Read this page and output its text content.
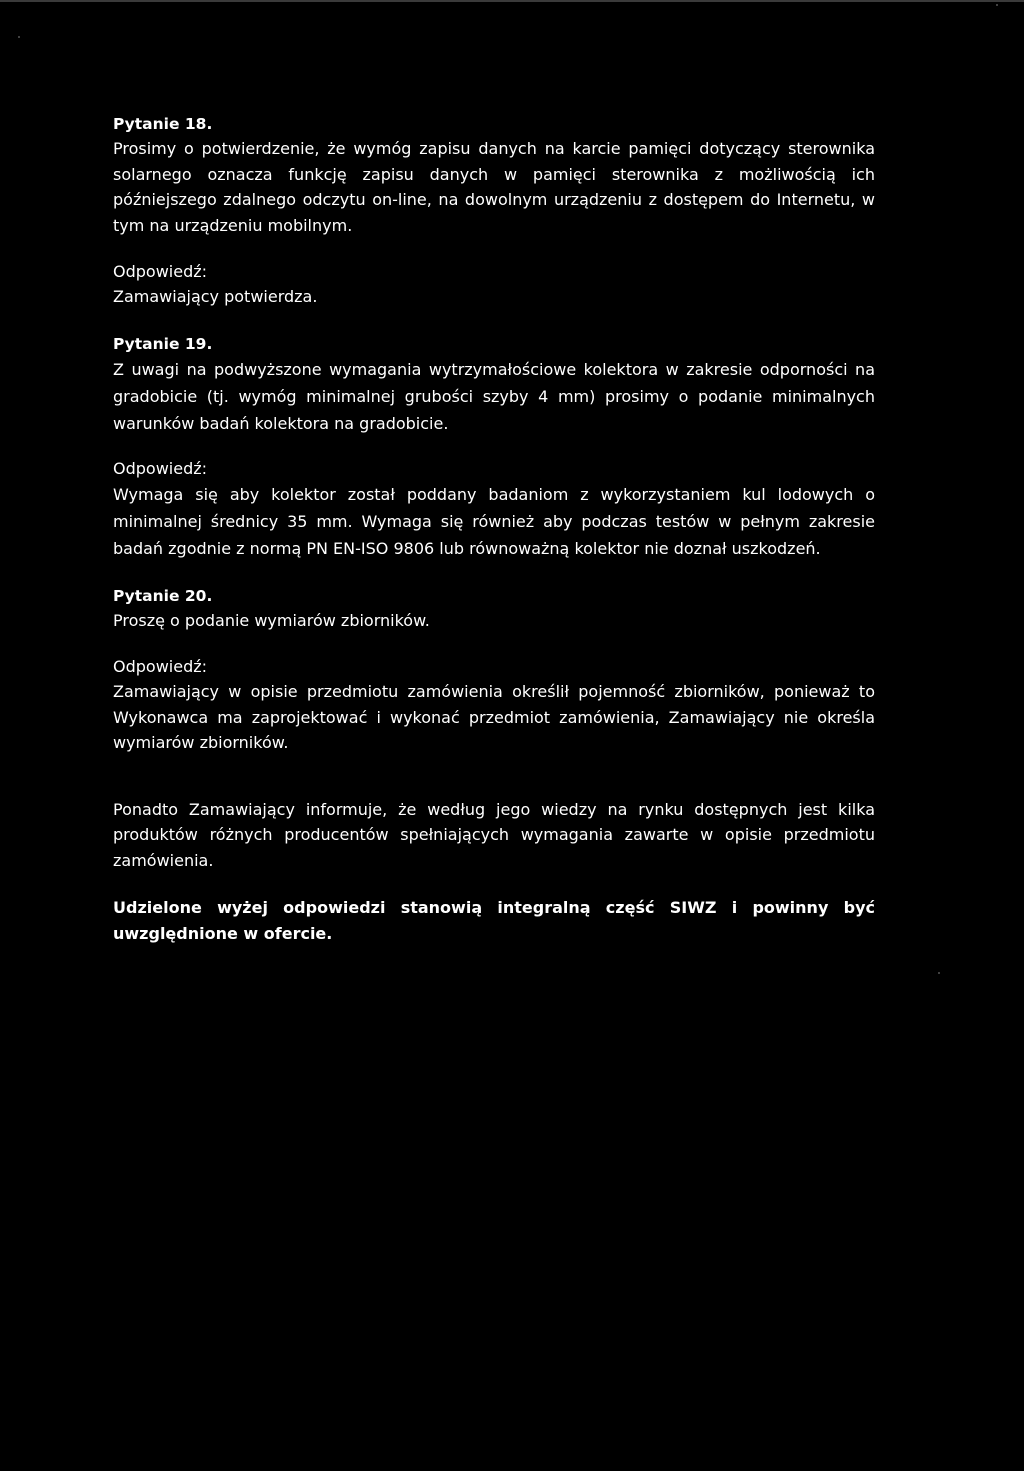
Pytanie 18.

Prosimy o potwierdzenie, że wymóg zapisu danych na karcie pamięci dotyczący sterownika solarnego oznacza funkcję zapisu danych w pamięci sterownika z możliwością ich późniejszego zdalnego odczytu on-line, na dowolnym urządzeniu z dostępem do Internetu, w tym na urządzeniu mobilnym.

Odpowiedź:

Zamawiający potwierdza.

Pytanie 19.

Z uwagi na podwyższone wymagania wytrzymałościowe kolektora w zakresie odporności na gradobicie (tj. wymóg minimalnej grubości szyby 4 mm) prosimy o podanie minimalnych warunków badań kolektora na gradobicie.

Odpowiedź:

Wymaga się aby kolektor został poddany badaniom z wykorzystaniem kul lodowych o minimalnej średnicy 35 mm. Wymaga się również aby podczas testów w pełnym zakresie badań zgodnie z normą PN EN-ISO 9806 lub równoważną kolektor nie doznał uszkodzeń.

Pytanie 20.

Proszę o podanie wymiarów zbiorników.

Odpowiedź:

Zamawiający w opisie przedmiotu zamówienia określił pojemność zbiorników, ponieważ to Wykonawca ma zaprojektować i wykonać przedmiot zamówienia, Zamawiający nie określa wymiarów zbiorników.

Ponadto Zamawiający informuje, że według jego wiedzy na rynku dostępnych jest kilka produktów różnych producentów spełniających wymagania zawarte w opisie przedmiotu zamówienia.

Udzielone wyżej odpowiedzi stanowią integralną część SIWZ i powinny być uwzględnione w ofercie.
